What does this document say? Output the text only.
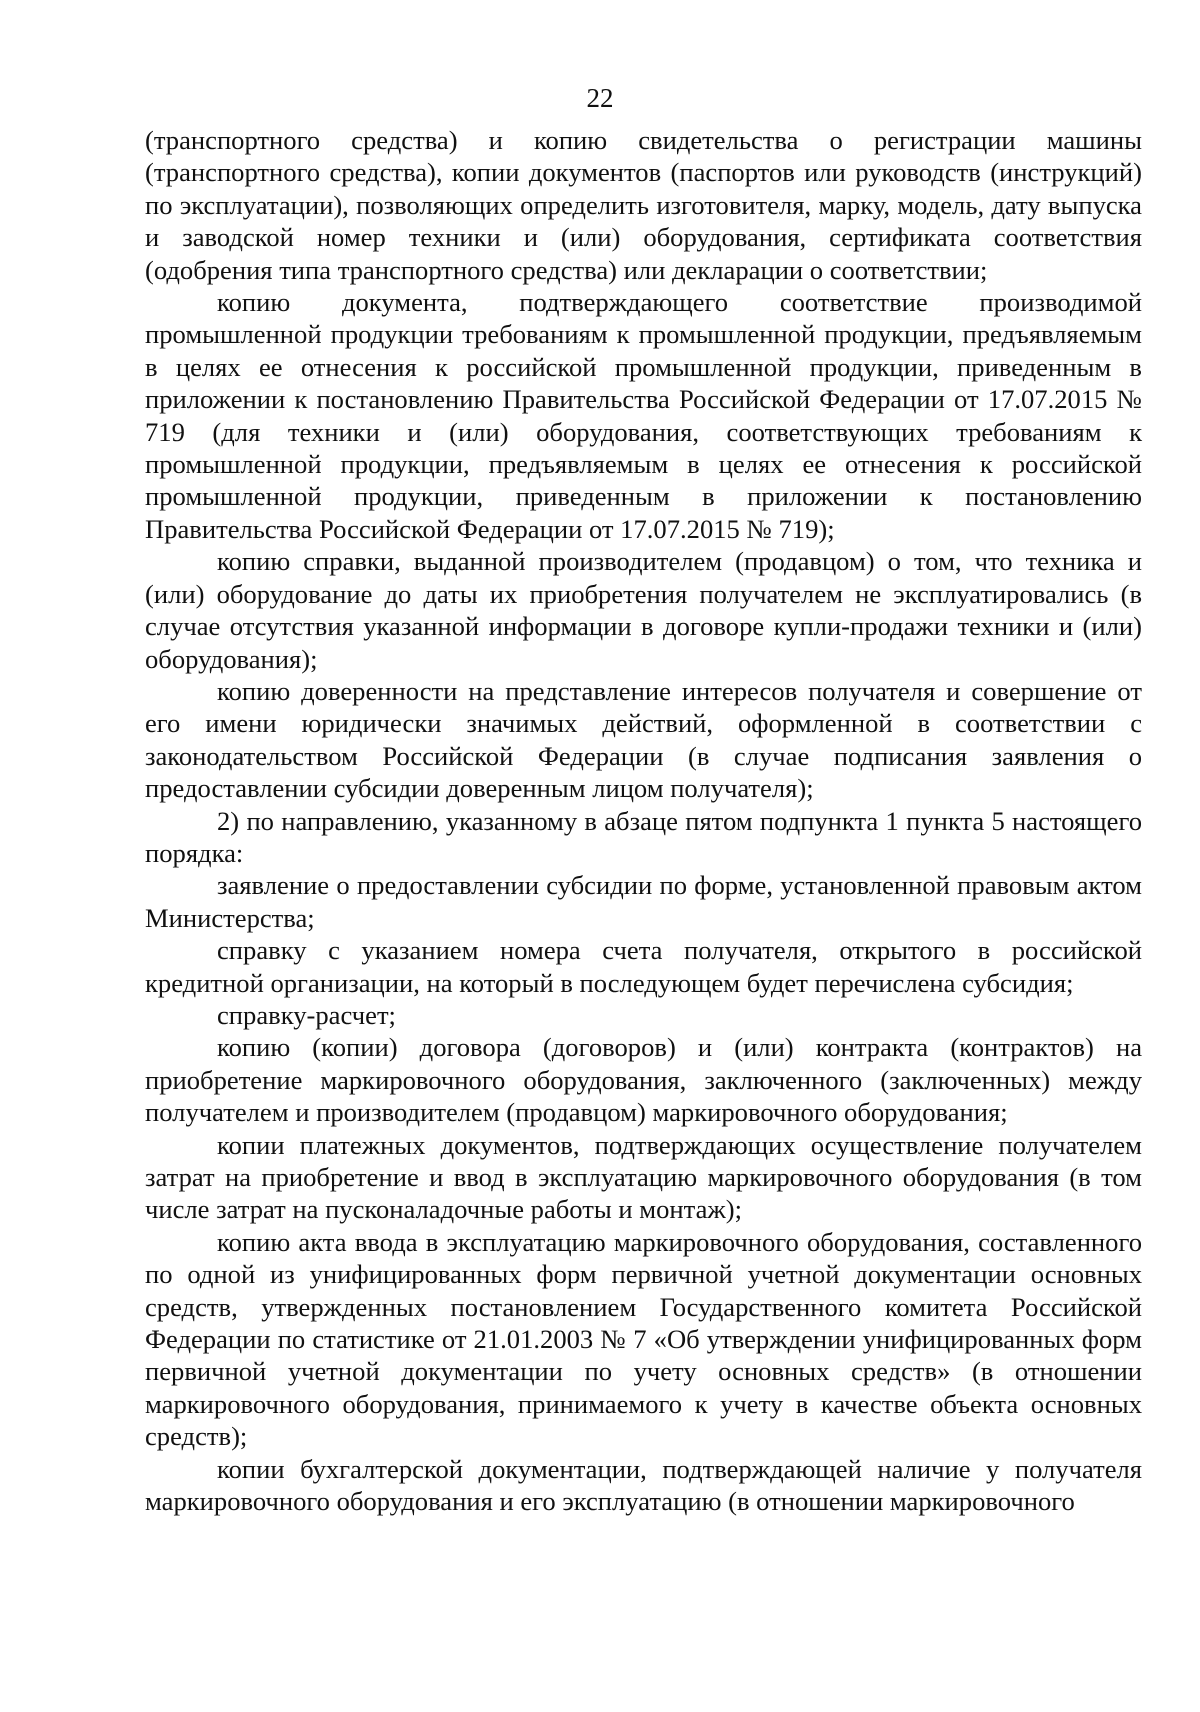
22

(транспортного средства) и копию свидетельства о регистрации машины (транспортного средства), копии документов (паспортов или руководств (инструкций) по эксплуатации), позволяющих определить изготовителя, марку, модель, дату выпуска и заводской номер техники и (или) оборудования, сертификата соответствия (одобрения типа транспортного средства) или декларации о соответствии;

копию документа, подтверждающего соответствие производимой промышленной продукции требованиям к промышленной продукции, предъявляемым в целях ее отнесения к российской промышленной продукции, приведенным в приложении к постановлению Правительства Российской Федерации от 17.07.2015 № 719 (для техники и (или) оборудования, соответствующих требованиям к промышленной продукции, предъявляемым в целях ее отнесения к российской промышленной продукции, приведенным в приложении к постановлению Правительства Российской Федерации от 17.07.2015 № 719);

копию справки, выданной производителем (продавцом) о том, что техника и (или) оборудование до даты их приобретения получателем не эксплуатировались (в случае отсутствия указанной информации в договоре купли-продажи техники и (или) оборудования);

копию доверенности на представление интересов получателя и совершение от его имени юридически значимых действий, оформленной в соответствии с законодательством Российской Федерации (в случае подписания заявления о предоставлении субсидии доверенным лицом получателя);

2) по направлению, указанному в абзаце пятом подпункта 1 пункта 5 настоящего порядка:

заявление о предоставлении субсидии по форме, установленной правовым актом Министерства;

справку с указанием номера счета получателя, открытого в российской кредитной организации, на который в последующем будет перечислена субсидия;

справку-расчет;

копию (копии) договора (договоров) и (или) контракта (контрактов) на приобретение маркировочного оборудования, заключенного (заключенных) между получателем и производителем (продавцом) маркировочного оборудования;

копии платежных документов, подтверждающих осуществление получателем затрат на приобретение и ввод в эксплуатацию маркировочного оборудования (в том числе затрат на пусконаладочные работы и монтаж);

копию акта ввода в эксплуатацию маркировочного оборудования, составленного по одной из унифицированных форм первичной учетной документации основных средств, утвержденных постановлением Государственного комитета Российской Федерации по статистике от 21.01.2003 № 7 «Об утверждении унифицированных форм первичной учетной документации по учету основных средств» (в отношении маркировочного оборудования, принимаемого к учету в качестве объекта основных средств);

копии бухгалтерской документации, подтверждающей наличие у получателя маркировочного оборудования и его эксплуатацию (в отношении маркировочного
